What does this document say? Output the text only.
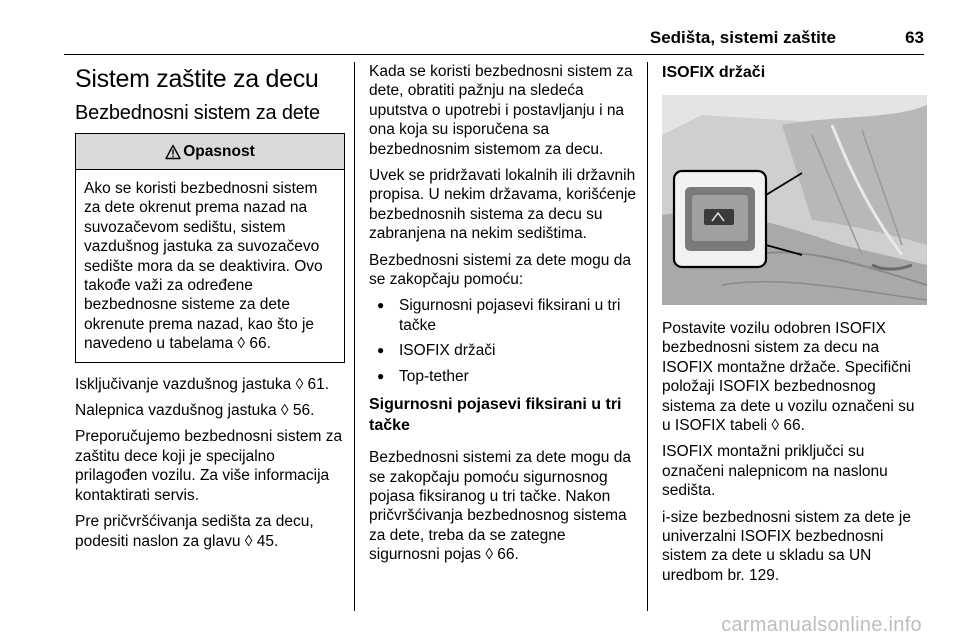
Sedišta, sistemi zaštite	63
Sistem zaštite za decu
Bezbednosni sistem za dete
Opasnost
Ako se koristi bezbednosni sistem za dete okrenut prema nazad na suvozačevom sedištu, sistem vazdušnog jastuka za suvozačevo sedište mora da se deaktivira. Ovo takođe važi za određene bezbednosne sisteme za dete okrenute prema nazad, kao što je navedeno u tabelama ◊ 66.

Isključivanje vazdušnog jastuka ◊ 61.

Nalepnica vazdušnog jastuka ◊ 56.

Preporučujemo bezbednosni sistem za zaštitu dece koji je specijalno prilagođen vozilu. Za više informacija kontaktirati servis.

Pre pričvršćivanja sedišta za decu, podesiti naslon za glavu ◊ 45.

Kada se koristi bezbednosni sistem za dete, obratiti pažnju na sledeća uputstva o upotrebi i postavljanju i na ona koja su isporučena sa bezbednosnim sistemom za decu.

Uvek se pridržavati lokalnih ili državnih propisa. U nekim državama, korišćenje bezbednosnih sistema za decu su zabranjena na nekim sedištima.

Bezbednosni sistemi za dete mogu da se zakopčaju pomoću:

● Sigurnosni pojasevi fiksirani u tri tačke
● ISOFIX držači
● Top-tether
Sigurnosni pojasevi fiksirani u tri tačke

Bezbednosni sistemi za dete mogu da se zakopčaju pomoću sigurnosnog pojasa fiksiranog u tri tačke. Nakon pričvršćivanja bezbednosnog sistema za dete, treba da se zategne sigurnosni pojas ◊ 66.

ISOFIX držači

Postavite vozilu odobren ISOFIX bezbednosni sistem za decu na ISOFIX montažne držače. Specifični položaji ISOFIX bezbednosnog sistema za dete u vozilu označeni su u ISOFIX tabeli ◊ 66.

ISOFIX montažni priključci su označeni nalepnicom na naslonu sedišta.

i-size bezbednosni sistem za dete je univerzalni ISOFIX bezbednosni sistem za dete u skladu sa UN uredbom br. 129.

carmanualsonline.info
